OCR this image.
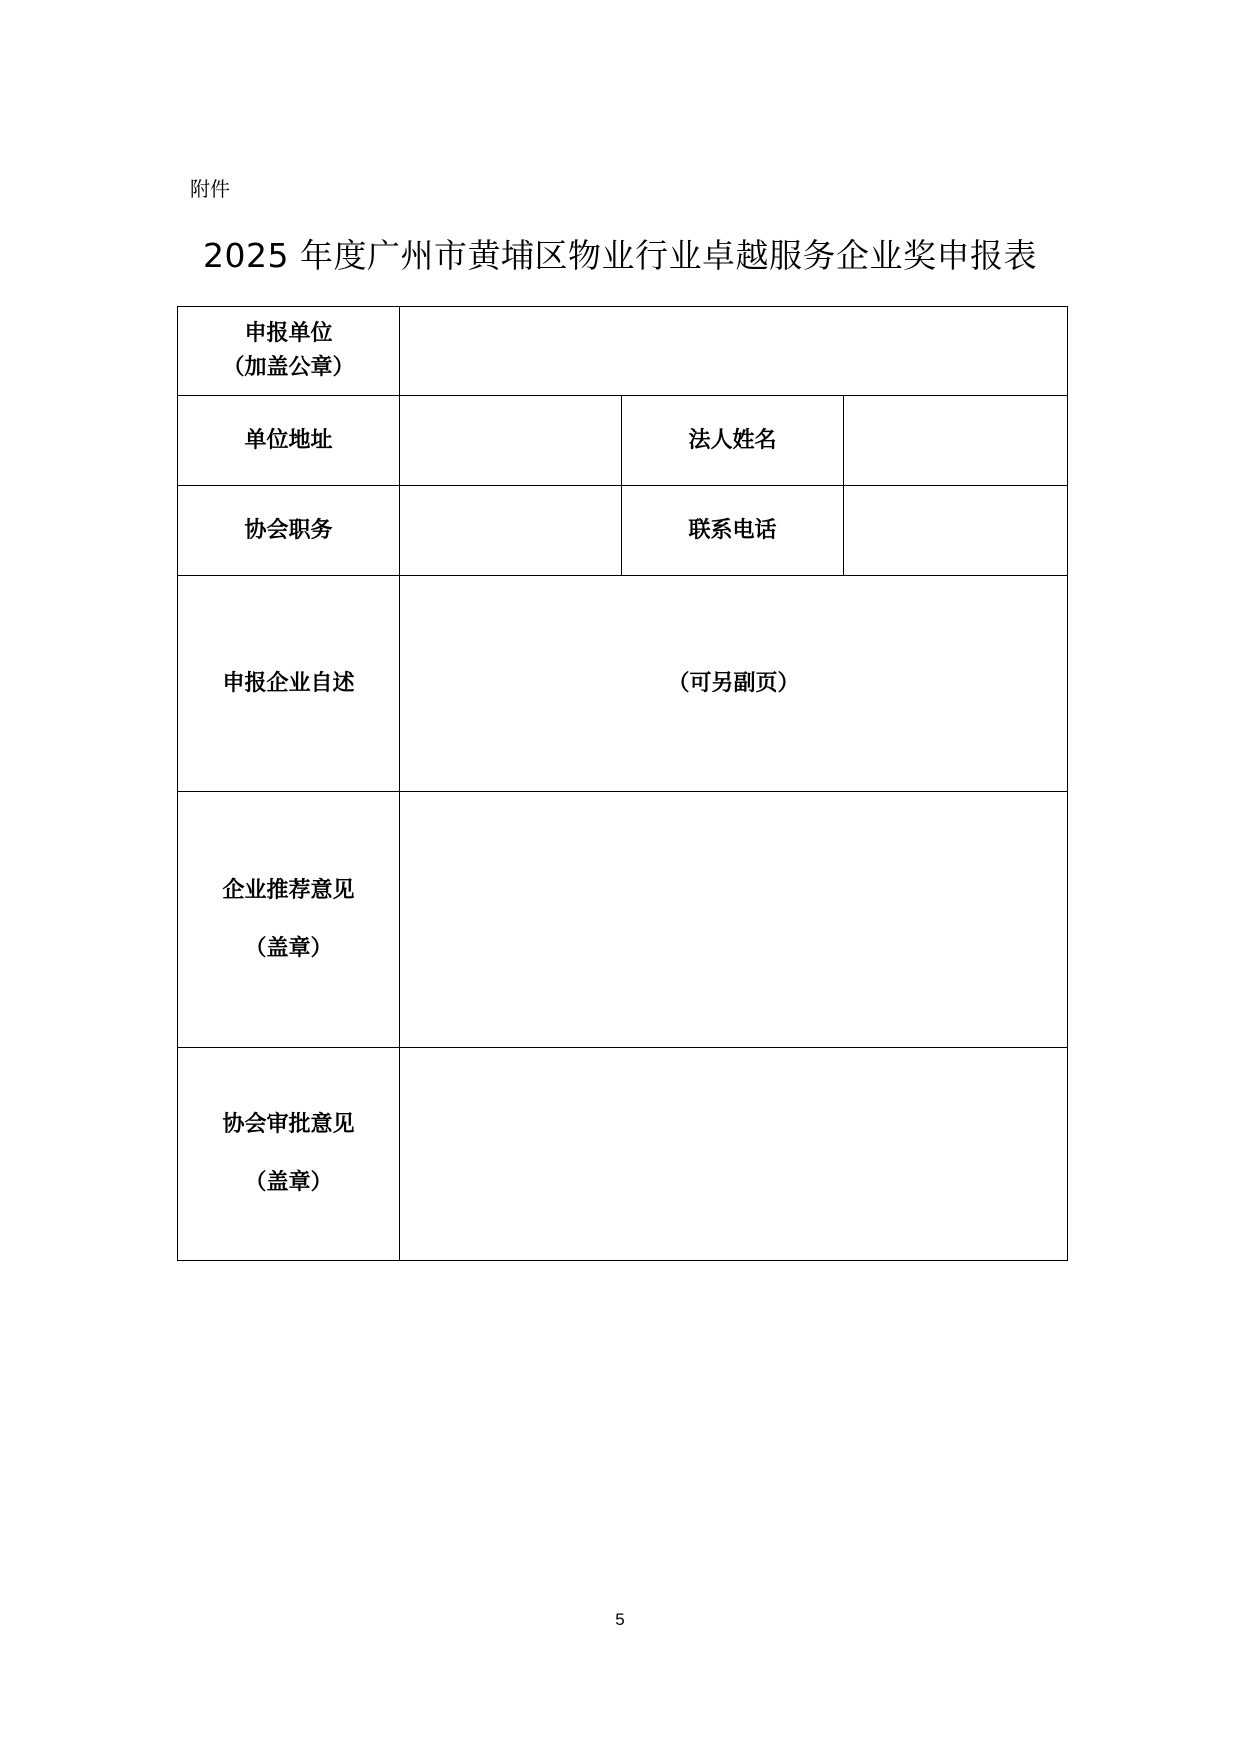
附件
2025 年度广州市黄埔区物业行业卓越服务企业奖申报表
申报单位
（加盖公章）			

单位地址		法人姓名	
协会职务		联系电话	
申报企业自述	（可另副页）		

企业推荐意见
（盖章）			

协会审批意见
（盖章）			

5
